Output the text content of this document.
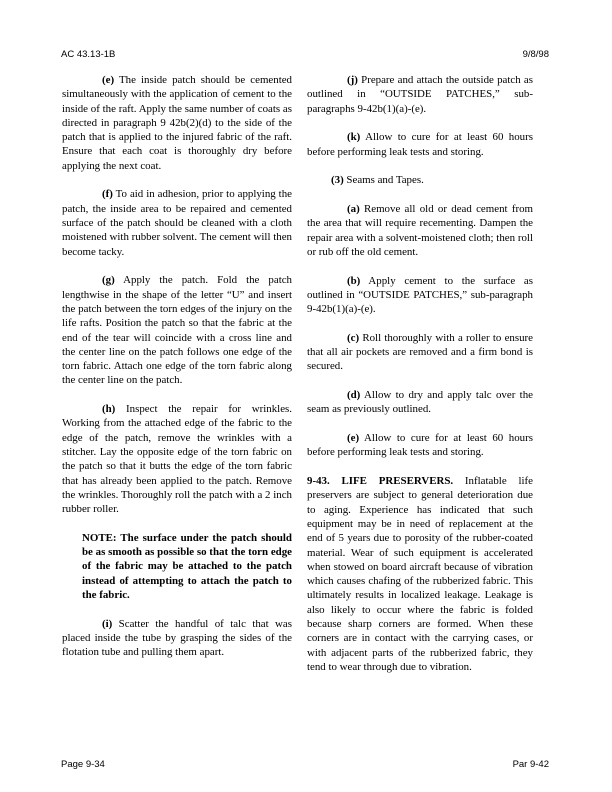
AC 43.13-1B	9/8/98

(e) The inside patch should be cemented simultaneously with the application of cement to the inside of the raft. Apply the same number of coats as directed in paragraph 9 42b(2)(d) to the side of the patch that is applied to the injured fabric of the raft. Ensure that each coat is thoroughly dry before applying the next coat.

(f) To aid in adhesion, prior to applying the patch, the inside area to be repaired and cemented surface of the patch should be cleaned with a cloth moistened with rubber solvent. The cement will then become tacky.

(g) Apply the patch. Fold the patch lengthwise in the shape of the letter “U” and insert the patch between the torn edges of the injury on the life rafts. Position the patch so that the fabric at the end of the tear will coincide with a cross line and the center line on the patch follows one edge of the torn fabric. Attach one edge of the torn fabric along the center line on the patch.

(h) Inspect the repair for wrinkles. Working from the attached edge of the fabric to the edge of the patch, remove the wrinkles with a stitcher. Lay the opposite edge of the torn fabric on the patch so that it butts the edge of the torn fabric that has already been applied to the patch. Remove the wrinkles. Thoroughly roll the patch with a 2 inch rubber roller.

NOTE: The surface under the patch should be as smooth as possible so that the torn edge of the fabric may be attached to the patch instead of attempting to attach the patch to the fabric.

(i) Scatter the handful of talc that was placed inside the tube by grasping the sides of the flotation tube and pulling them apart.

(j) Prepare and attach the outside patch as outlined in “OUTSIDE PATCHES,” sub-paragraphs 9-42b(1)(a)-(e).

(k) Allow to cure for at least 60 hours before performing leak tests and storing.

(3) Seams and Tapes.

(a) Remove all old or dead cement from the area that will require recementing. Dampen the repair area with a solvent-moistened cloth; then roll or rub off the old cement.

(b) Apply cement to the surface as outlined in “OUTSIDE PATCHES,” sub-paragraph 9-42b(1)(a)-(e).

(c) Roll thoroughly with a roller to ensure that all air pockets are removed and a firm bond is secured.

(d) Allow to dry and apply talc over the seam as previously outlined.

(e) Allow to cure for at least 60 hours before performing leak tests and storing.

9-43. LIFE PRESERVERS. Inflatable life preservers are subject to general deterioration due to aging. Experience has indicated that such equipment may be in need of replacement at the end of 5 years due to porosity of the rubber-coated material. Wear of such equipment is accelerated when stowed on board aircraft because of vibration which causes chafing of the rubberized fabric. This ultimately results in localized leakage. Leakage is also likely to occur where the fabric is folded because sharp corners are formed. When these corners are in contact with the carrying cases, or with adjacent parts of the rubberized fabric, they tend to wear through due to vibration.

Page 9-34	Par 9-42
